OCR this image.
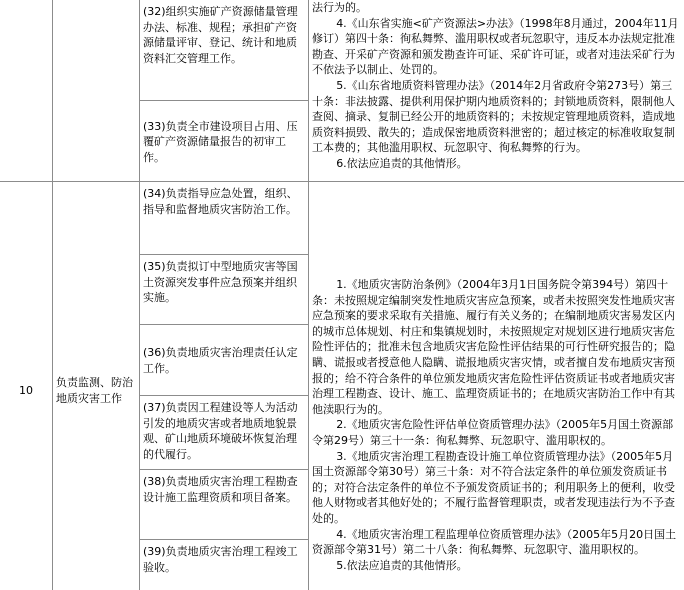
(32)组织实施矿产资源储量管理办法、标准、规程；承担矿产资源储量评审、登记、统计和地质资料汇交管理工作。
(33)负责全市建设项目占用、压覆矿产资源储量报告的初审工作。

法行为的。

4.《山东省实施<矿产资源法>办法》（1998年8月通过，2004年11月修订）第四十条：徇私舞弊、滥用职权或者玩忽职守，违反本办法规定批准勘查、开采矿产资源和颁发勘查许可证、采矿许可证，或者对违法采矿行为不依法予以制止、处罚的。

5.《山东省地质资料管理办法》（2014年2月省政府令第273号）第三十条：非法披露、提供利用保护期内地质资料的；封锁地质资料，限制他人查阅、摘录、复制已经公开的地质资料的；未按规定管理地质资料，造成地质资料损毁、散失的；造成保密地质资料泄密的；超过核定的标准收取复制工本费的；其他滥用职权、玩忽职守、徇私舞弊的行为。

6.依法应追责的其他情形。

10
负责监测、防治地质灾害工作
(34)负责指导应急处置，组织、指导和监督地质灾害防治工作。
(35)负责拟订中型地质灾害等国土资源突发事件应急预案并组织实施。
(36)负责地质灾害治理责任认定工作。
(37)负责因工程建设等人为活动引发的地质灾害或者地质地貌景观、矿山地质环境破坏恢复治理的代履行。
(38)负责地质灾害治理工程勘查设计施工监理资质和项目备案。
(39)负责地质灾害治理工程竣工验收。

1.《地质灾害防治条例》（2004年3月1日国务院令第394号）第四十条：未按照规定编制突发性地质灾害应急预案，或者未按照突发性地质灾害应急预案的要求采取有关措施、履行有关义务的；在编制地质灾害易发区内的城市总体规划、村庄和集镇规划时，未按照规定对规划区进行地质灾害危险性评估的；批准未包含地质灾害危险性评估结果的可行性研究报告的；隐瞒、谎报或者授意他人隐瞒、谎报地质灾害灾情，或者擅自发布地质灾害预报的；给不符合条件的单位颁发地质灾害危险性评估资质证书或者地质灾害治理工程勘查、设计、施工、监理资质证书的；在地质灾害防治工作中有其他渎职行为的。

2.《地质灾害危险性评估单位资质管理办法》（2005年5月国土资源部令第29号）第三十一条：徇私舞弊、玩忽职守、滥用职权的。

3.《地质灾害治理工程勘查设计施工单位资质管理办法》（2005年5月国土资源部令第30号）第三十条：对不符合法定条件的单位颁发资质证书的；对符合法定条件的单位不予颁发资质证书的；利用职务上的便利，收受他人财物或者其他好处的；不履行监督管理职责，或者发现违法行为不予查处的。

4.《地质灾害治理工程监理单位资质管理办法》（2005年5月20日国土资源部令第31号）第二十八条：徇私舞弊、玩忽职守、滥用职权的。

5.依法应追责的其他情形。
